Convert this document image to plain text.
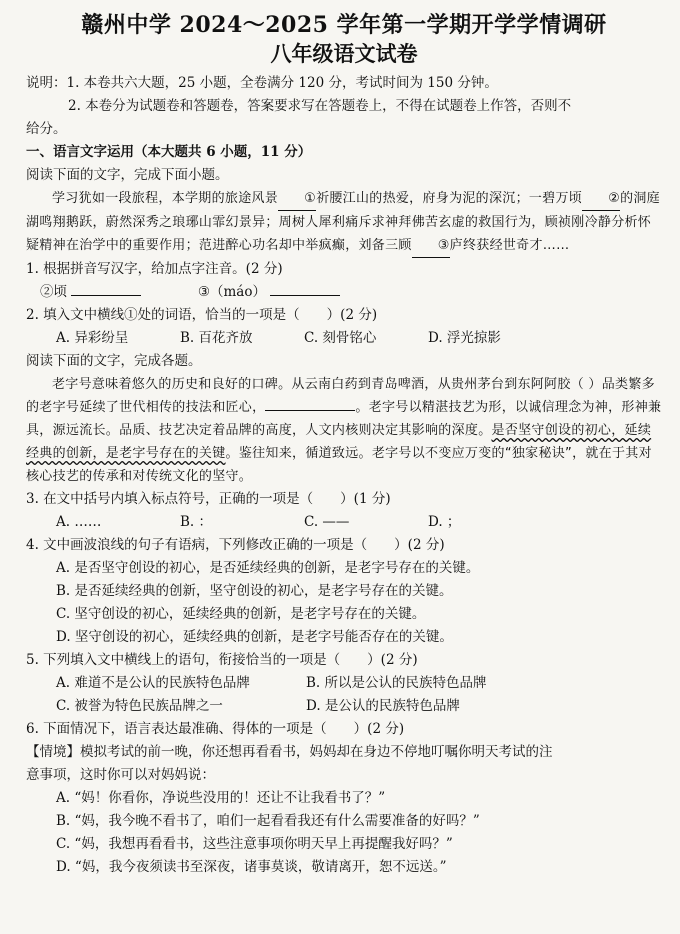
赣州中学 2024～2025 学年第一学期开学学情调研
八年级语文试卷
说明：1. 本卷共六大题，25 小题，全卷满分 120 分，考试时间为 150 分钟。
2. 本卷分为试题卷和答题卷，答案要求写在答题卷上，不得在试题卷上作答，否则不
给分。
一、语言文字运用（本大题共 6 小题，11 分）
阅读下面的文字，完成下面小题。
学习犹如一段旅程，本学期的旅途风景 ①祈腰江山的热爱，府身为泥的深沉；一碧万顷 ②的洞庭湖鸣翔鹅跃，蔚然深秀之琅琊山霏幻景异；周树人犀利痛斥求神拜佛苦玄虚的救国行为，顾祯刚冷静分析怀疑精神在治学中的重要作用；范进醉心功名却中举疯癫，刘备三顾 ③庐终获经世奇才……
1. 根据拼音写汉字，给加点字注音。(2 分)
②顷	③（máo）
2. 填入文中横线①处的词语，恰当的一项是（　　）(2 分)
A. 异彩纷呈	B. 百花齐放	C. 刻骨铭心	D. 浮光掠影
阅读下面的文字，完成各题。
老字号意味着悠久的历史和良好的口碑。从云南白药到青岛啤酒，从贵州茅台到东阿阿胶（ ）品类繁多的老字号延续了世代相传的技法和匠心，	。老字号以精湛技艺为形，以诚信理念为神，形神兼具，源远流长。品质、技艺决定着品牌的高度，人文内核则决定其影响的深度。是否坚守创设的初心，延续经典的创新，是老字号存在的关键。鉴往知来，循道致远。老字号以不变应万变的“独家秘诀”，就在于其对核心技艺的传承和对传统文化的坚守。
3. 在文中括号内填入标点符号，正确的一项是（　　）(1 分)
A. ……	B. ：	C. ——	D. ；
4. 文中画波浪线的句子有语病，下列修改正确的一项是（　　）(2 分)
A. 是否坚守创设的初心，是否延续经典的创新，是老字号存在的关键。
B. 是否延续经典的创新，坚守创设的初心，是老字号存在的关键。
C. 坚守创设的初心，延续经典的创新，是老字号存在的关键。
D. 坚守创设的初心，延续经典的创新，是老字号能否存在的关键。
5. 下列填入文中横线上的语句，衔接恰当的一项是（　　）(2 分)
A. 难道不是公认的民族特色品牌	B. 所以是公认的民族特色品牌
C. 被誉为特色民族品牌之一	D. 是公认的民族特色品牌
6. 下面情况下，语言表达最准确、得体的一项是（　　）(2 分)
【情境】模拟考试的前一晚，你还想再看看书，妈妈却在身边不停地叮嘱你明天考试的注
意事项，这时你可以对妈妈说：
A. “妈！你看你，净说些没用的！还让不让我看书了？”
B. “妈，我今晚不看书了，咱们一起看看我还有什么需要准备的好吗？”
C. “妈，我想再看看书，这些注意事项你明天早上再提醒我好吗？”
D. “妈，我今夜须读书至深夜，诸事莫谈，敬请离开，恕不远送。”
